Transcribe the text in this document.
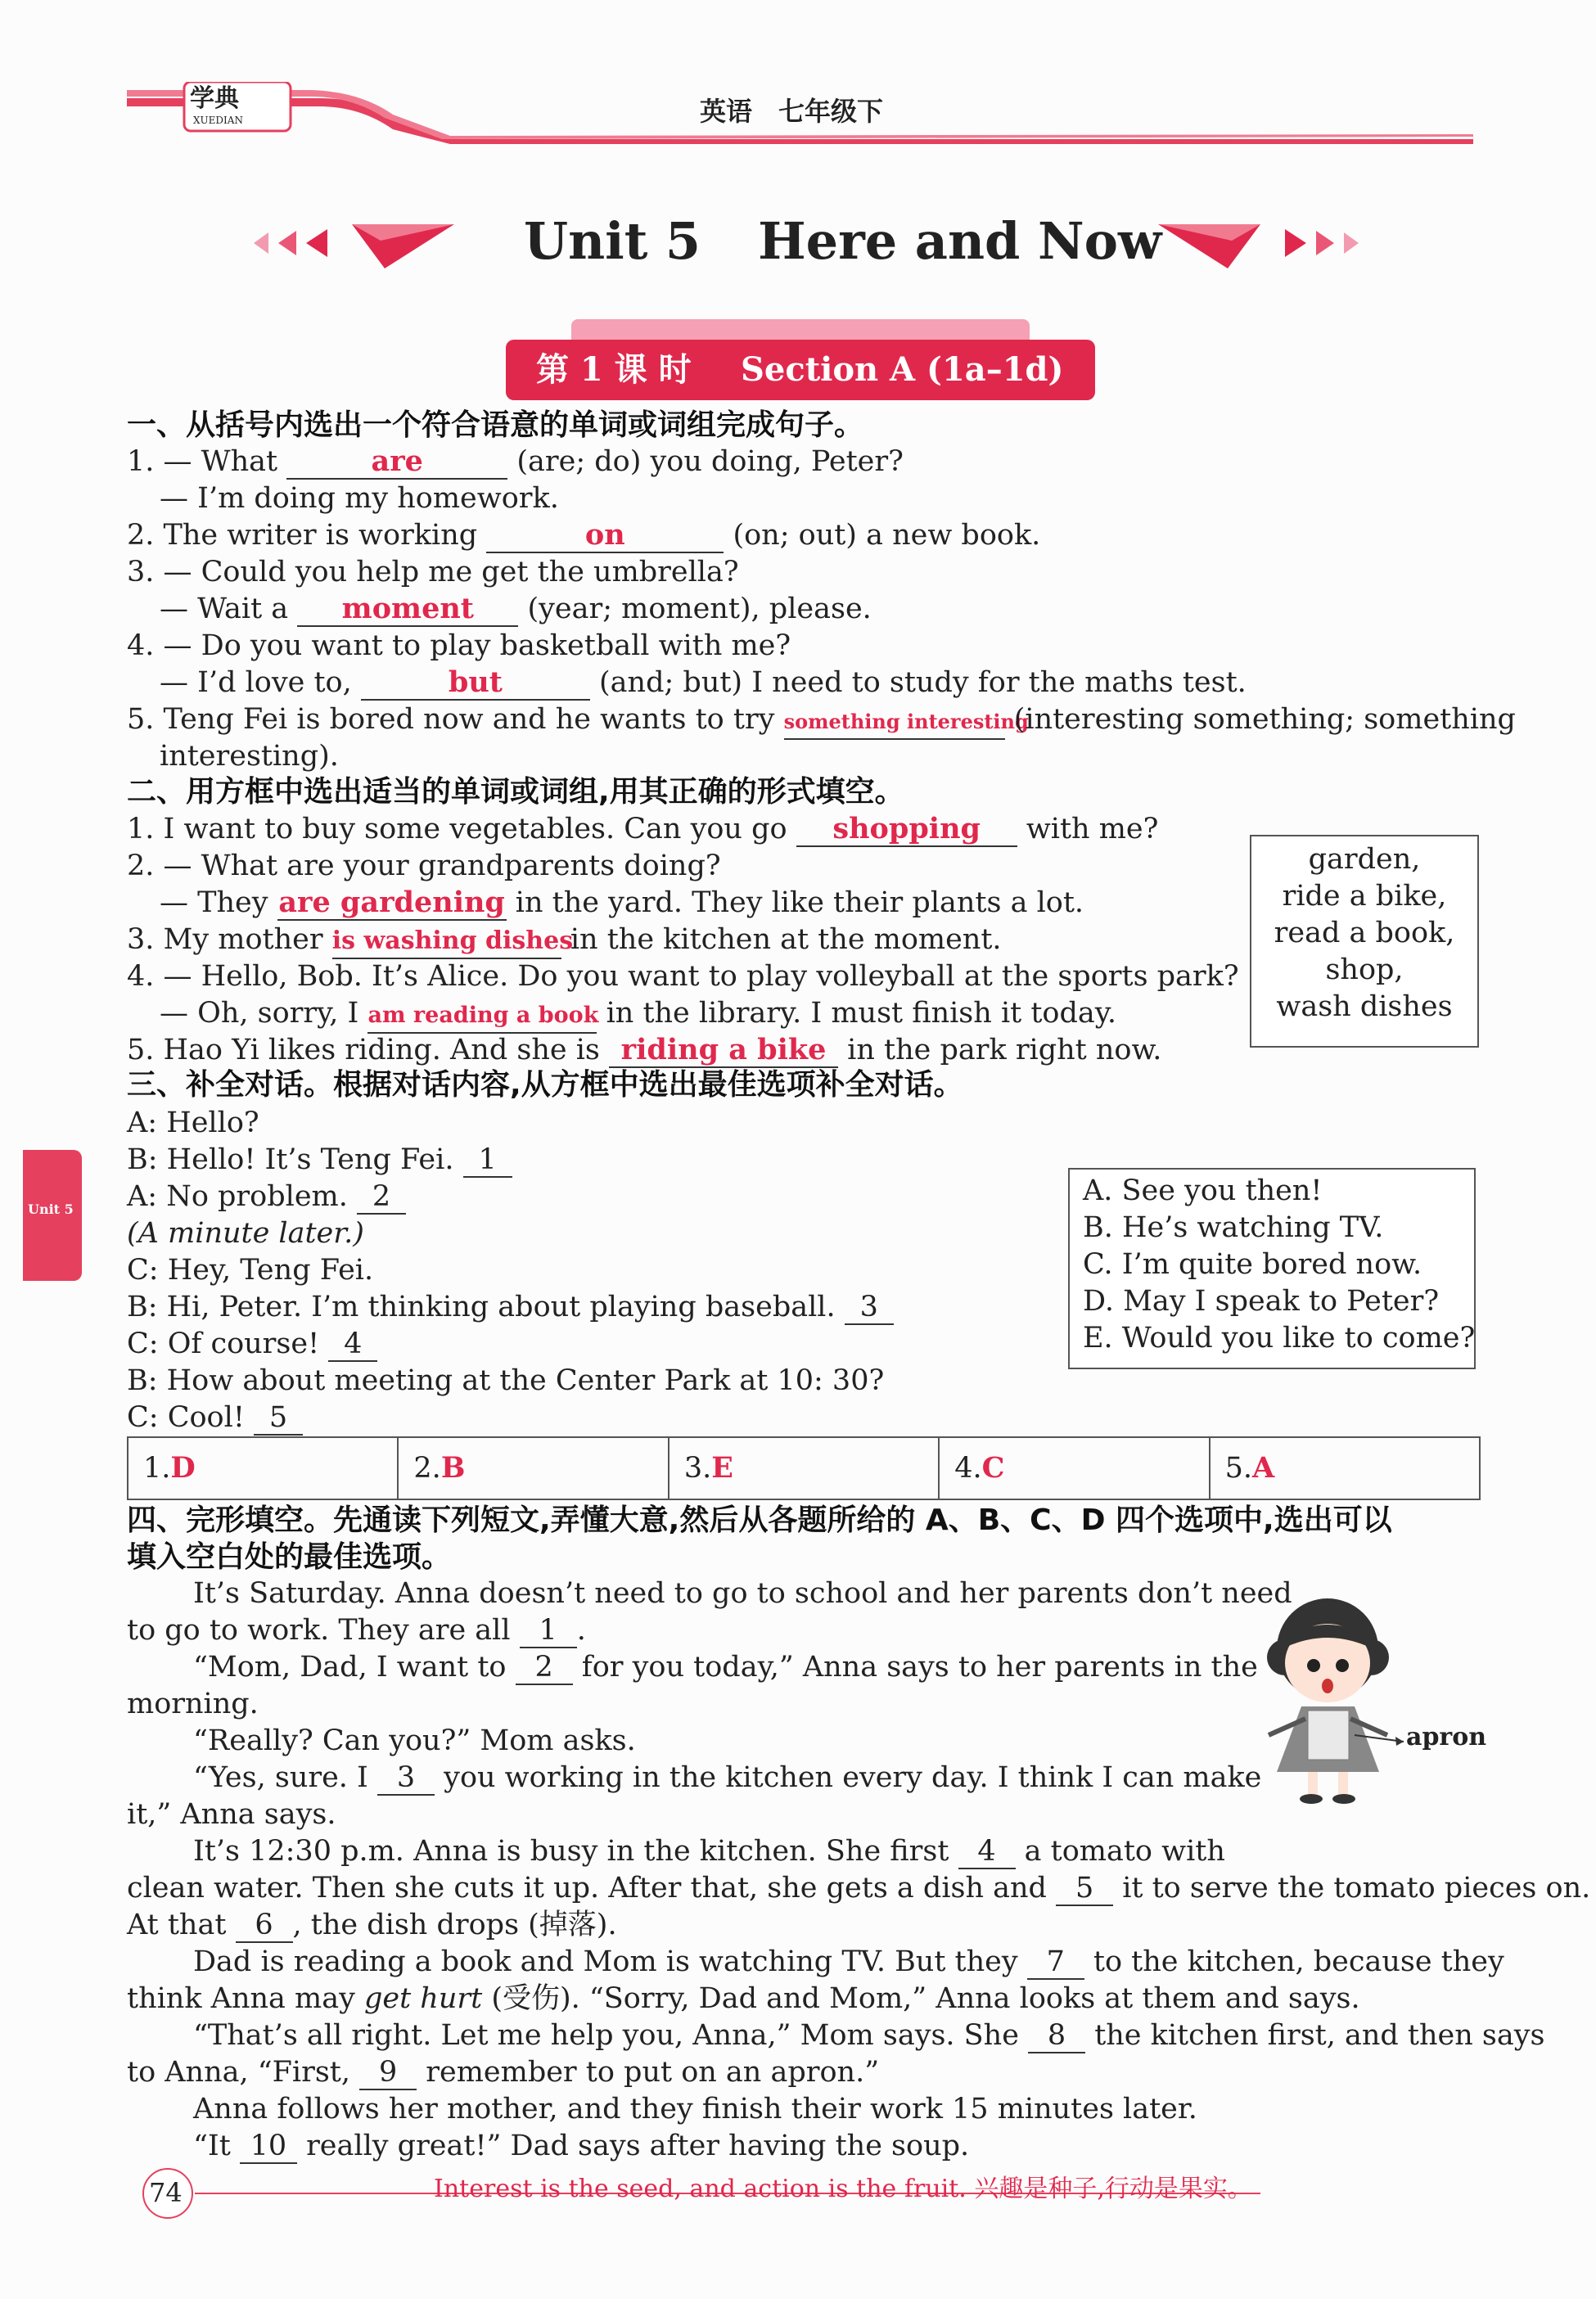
学典
XUEDIAN	英语　七年级下
Unit 5 Here and Now
第 1 课 时 Section A (1a–1d)
Unit 5
一、从括号内选出一个符合语意的单词或词组完成句子。
1. — What	are	(are; do) you doing, Peter?
— I’m doing my homework.
2. The writer is working	on	(on; out) a new book.
3. — Could you help me get the umbrella?
— Wait a moment (year; moment), please.
4. — Do you want to play basketball with me?
— I’d love to,	but	(and; but) I need to study for the maths test.
5. Teng Fei is bored now and he wants to try something interesting (interesting something; something
interesting).
二、用方框中选出适当的单词或词组,用其正确的形式填空。
1. I want to buy some vegetables. Can you go shopping with me?
2. — What are your grandparents doing?
— They are gardening in the yard. They like their plants a lot.
3. My mother is washing dishes in the kitchen at the moment.
4. — Hello, Bob. It’s Alice. Do you want to play volleyball at the sports park?
— Oh, sorry, I am reading a book in the library. I must finish it today.
5. Hao Yi likes riding. And she is riding a bike in the park right now.
garden,
ride a bike,
read a book,
shop,
wash dishes
三、补全对话。根据对话内容,从方框中选出最佳选项补全对话。
A: Hello?
B: Hello! It’s Teng Fei. 1
A: No problem. 2
(A minute later.)
C: Hey, Teng Fei.
B: Hi, Peter. I’m thinking about playing baseball. 3
C: Of course! 4
B: How about meeting at the Center Park at 10: 30?
C: Cool! 5
A. See you then!
B. He’s watching TV.
C. I’m quite bored now.
D. May I speak to Peter?
E. Would you like to come?
1.D	2.B	3.E	4.C	5.A
四、完形填空。先通读下列短文,弄懂大意,然后从各题所给的 A、B、C、D 四个选项中,选出可以
填入空白处的最佳选项。
It’s Saturday. Anna doesn’t need to go to school and her parents don’t need
to go to work. They are all 1 .
“Mom, Dad, I want to 2 for you today,” Anna says to her parents in the
morning.
“Really? Can you?” Mom asks.
“Yes, sure. I 3 you working in the kitchen every day. I think I can make
it,” Anna says.
It’s 12:30 p.m. Anna is busy in the kitchen. She first 4 a tomato with
clean water. Then she cuts it up. After that, she gets a dish and 5 it to serve the tomato pieces on.
At that 6 , the dish drops (掉落).
Dad is reading a book and Mom is watching TV. But they 7 to the kitchen, because they
think Anna may get hurt (受伤). “Sorry, Dad and Mom,” Anna looks at them and says.
“That’s all right. Let me help you, Anna,” Mom says. She 8 the kitchen first, and then says
to Anna, “First, 9 remember to put on an apron.”
Anna follows her mother, and they finish their work 15 minutes later.
“It 10 really great!” Dad says after having the soup.
apron
74	Interest is the seed, and action is the fruit. 兴趣是种子,行动是果实。
